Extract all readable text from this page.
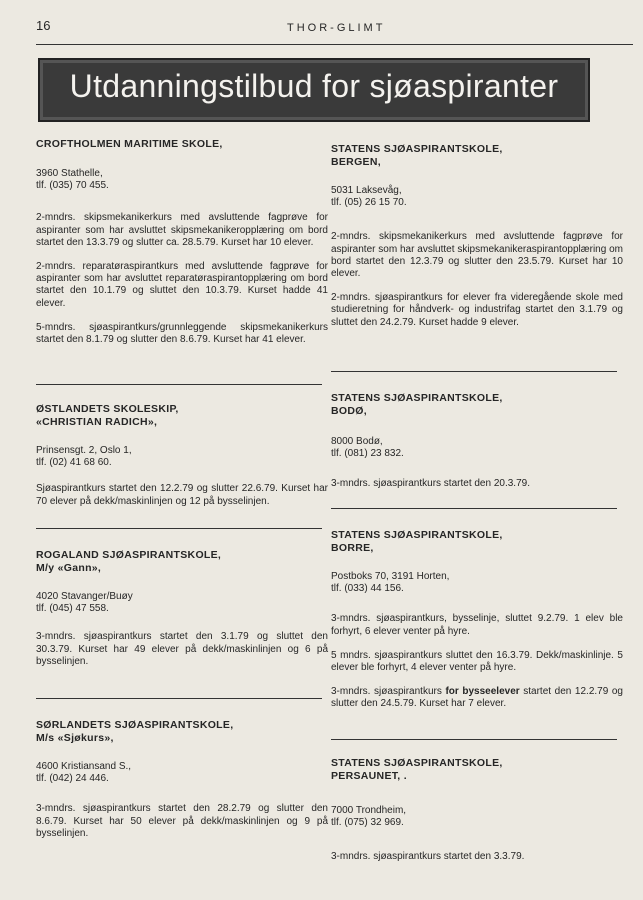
16	THOR-GLIMT
Utdanningstilbud for sjøaspiranter
CROFTHOLMEN MARITIME SKOLE,
3960 Stathelle,
tlf. (035) 70 455.
2-mndrs. skipsmekanikerkurs med avsluttende fagprøve for aspiranter som har avsluttet skipsmekanikeropplæring om bord startet den 13.3.79 og slutter ca. 28.5.79. Kurset har 10 elever.
2-mndrs. reparatøraspirantkurs med avsluttende fagprøve for aspiranter som har avsluttet reparatøraspirantopplæring om bord startet den 10.1.79 og sluttet den 10.3.79. Kurset hadde 41 elever.
5-mndrs. sjøaspirantkurs/grunnleggende skipsmekanikerkurs startet den 8.1.79 og slutter den 8.6.79. Kurset har 41 elever.
ØSTLANDETS SKOLESKIP,
«CHRISTIAN RADICH»,
Prinsensgt. 2, Oslo 1,
tlf. (02) 41 68 60.
Sjøaspirantkurs startet den 12.2.79 og slutter 22.6.79. Kurset har 70 elever på dekk/maskinlinjen og 12 på bysselinjen.
ROGALAND SJØASPIRANTSKOLE,
M/y «Gann»,
4020 Stavanger/Buøy
tlf. (045) 47 558.
3-mndrs. sjøaspirantkurs startet den 3.1.79 og sluttet den 30.3.79. Kurset har 49 elever på dekk/maskinlinjen og 6 på bysselinjen.
SØRLANDETS SJØASPIRANTSKOLE,
M/s «Sjøkurs»,
4600 Kristiansand S.,
tlf. (042) 24 446.
3-mndrs. sjøaspirantkurs startet den 28.2.79 og slutter den 8.6.79. Kurset har 50 elever på dekk/maskinlinjen og 9 på bysselinjen.
STATENS SJØASPIRANTSKOLE,
BERGEN,
5031 Laksevåg,
tlf. (05) 26 15 70.
2-mndrs. skipsmekanikerkurs med avsluttende fagprøve for aspiranter som har avsluttet skipsmekanikeraspirantopplæring om bord startet den 12.3.79 og slutter den 23.5.79. Kurset har 10 elever.
2-mndrs. sjøaspirantkurs for elever fra videregående skole med studieretning for håndverk- og industrifag startet den 3.1.79 og sluttet den 24.2.79. Kurset hadde 9 elever.
STATENS SJØASPIRANTSKOLE,
BODØ,
8000 Bodø,
tlf. (081) 23 832.
3-mndrs. sjøaspirantkurs startet den 20.3.79.
STATENS SJØASPIRANTSKOLE,
BORRE,
Postboks 70, 3191 Horten,
tlf. (033) 44 156.
3-mndrs. sjøaspirantkurs, bysselinje, sluttet 9.2.79. 1 elev ble forhyrt, 6 elever venter på hyre.
5 mndrs. sjøaspirantkurs sluttet den 16.3.79. Dekk/maskinlinje. 5 elever ble forhyrt, 4 elever venter på hyre.
3-mndrs. sjøaspirantkurs for bysseelever startet den 12.2.79 og slutter den 24.5.79. Kurset har 7 elever.
STATENS SJØASPIRANTSKOLE,
PERSAUNET, .
7000 Trondheim,
tlf. (075) 32 969.
3-mndrs. sjøaspirantkurs startet den 3.3.79.
